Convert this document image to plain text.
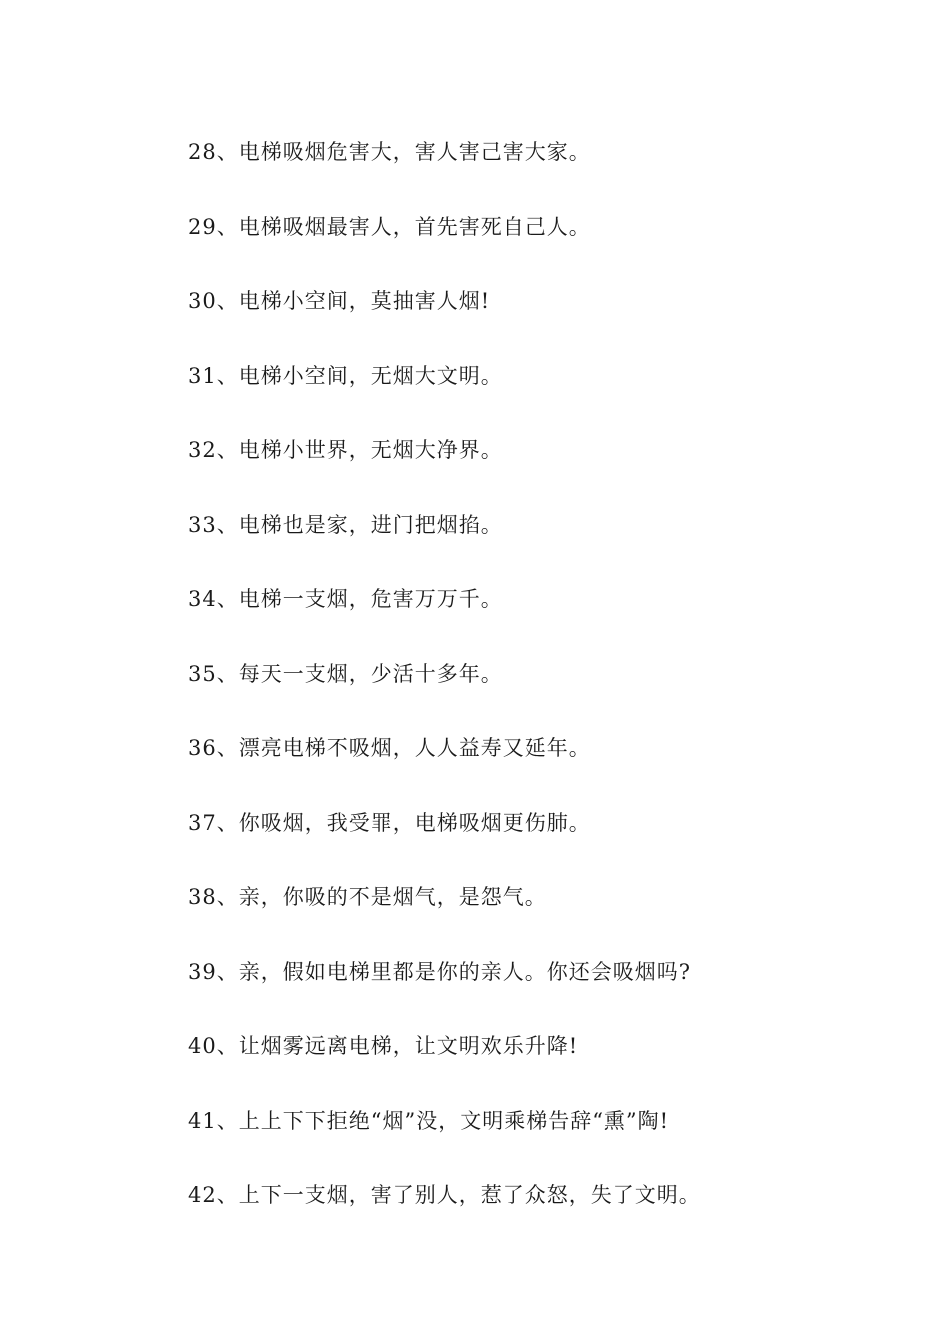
28、电梯吸烟危害大，害人害己害大家。
29、电梯吸烟最害人，首先害死自己人。
30、电梯小空间，莫抽害人烟!
31、电梯小空间，无烟大文明。
32、电梯小世界，无烟大净界。
33、电梯也是家，进门把烟掐。
34、电梯一支烟，危害万万千。
35、每天一支烟，少活十多年。
36、漂亮电梯不吸烟，人人益寿又延年。
37、你吸烟，我受罪，电梯吸烟更伤肺。
38、亲，你吸的不是烟气，是怨气。
39、亲，假如电梯里都是你的亲人。你还会吸烟吗?
40、让烟雾远离电梯，让文明欢乐升降!
41、上上下下拒绝“烟”没，文明乘梯告辞“熏”陶!
42、上下一支烟，害了别人，惹了众怒，失了文明。
